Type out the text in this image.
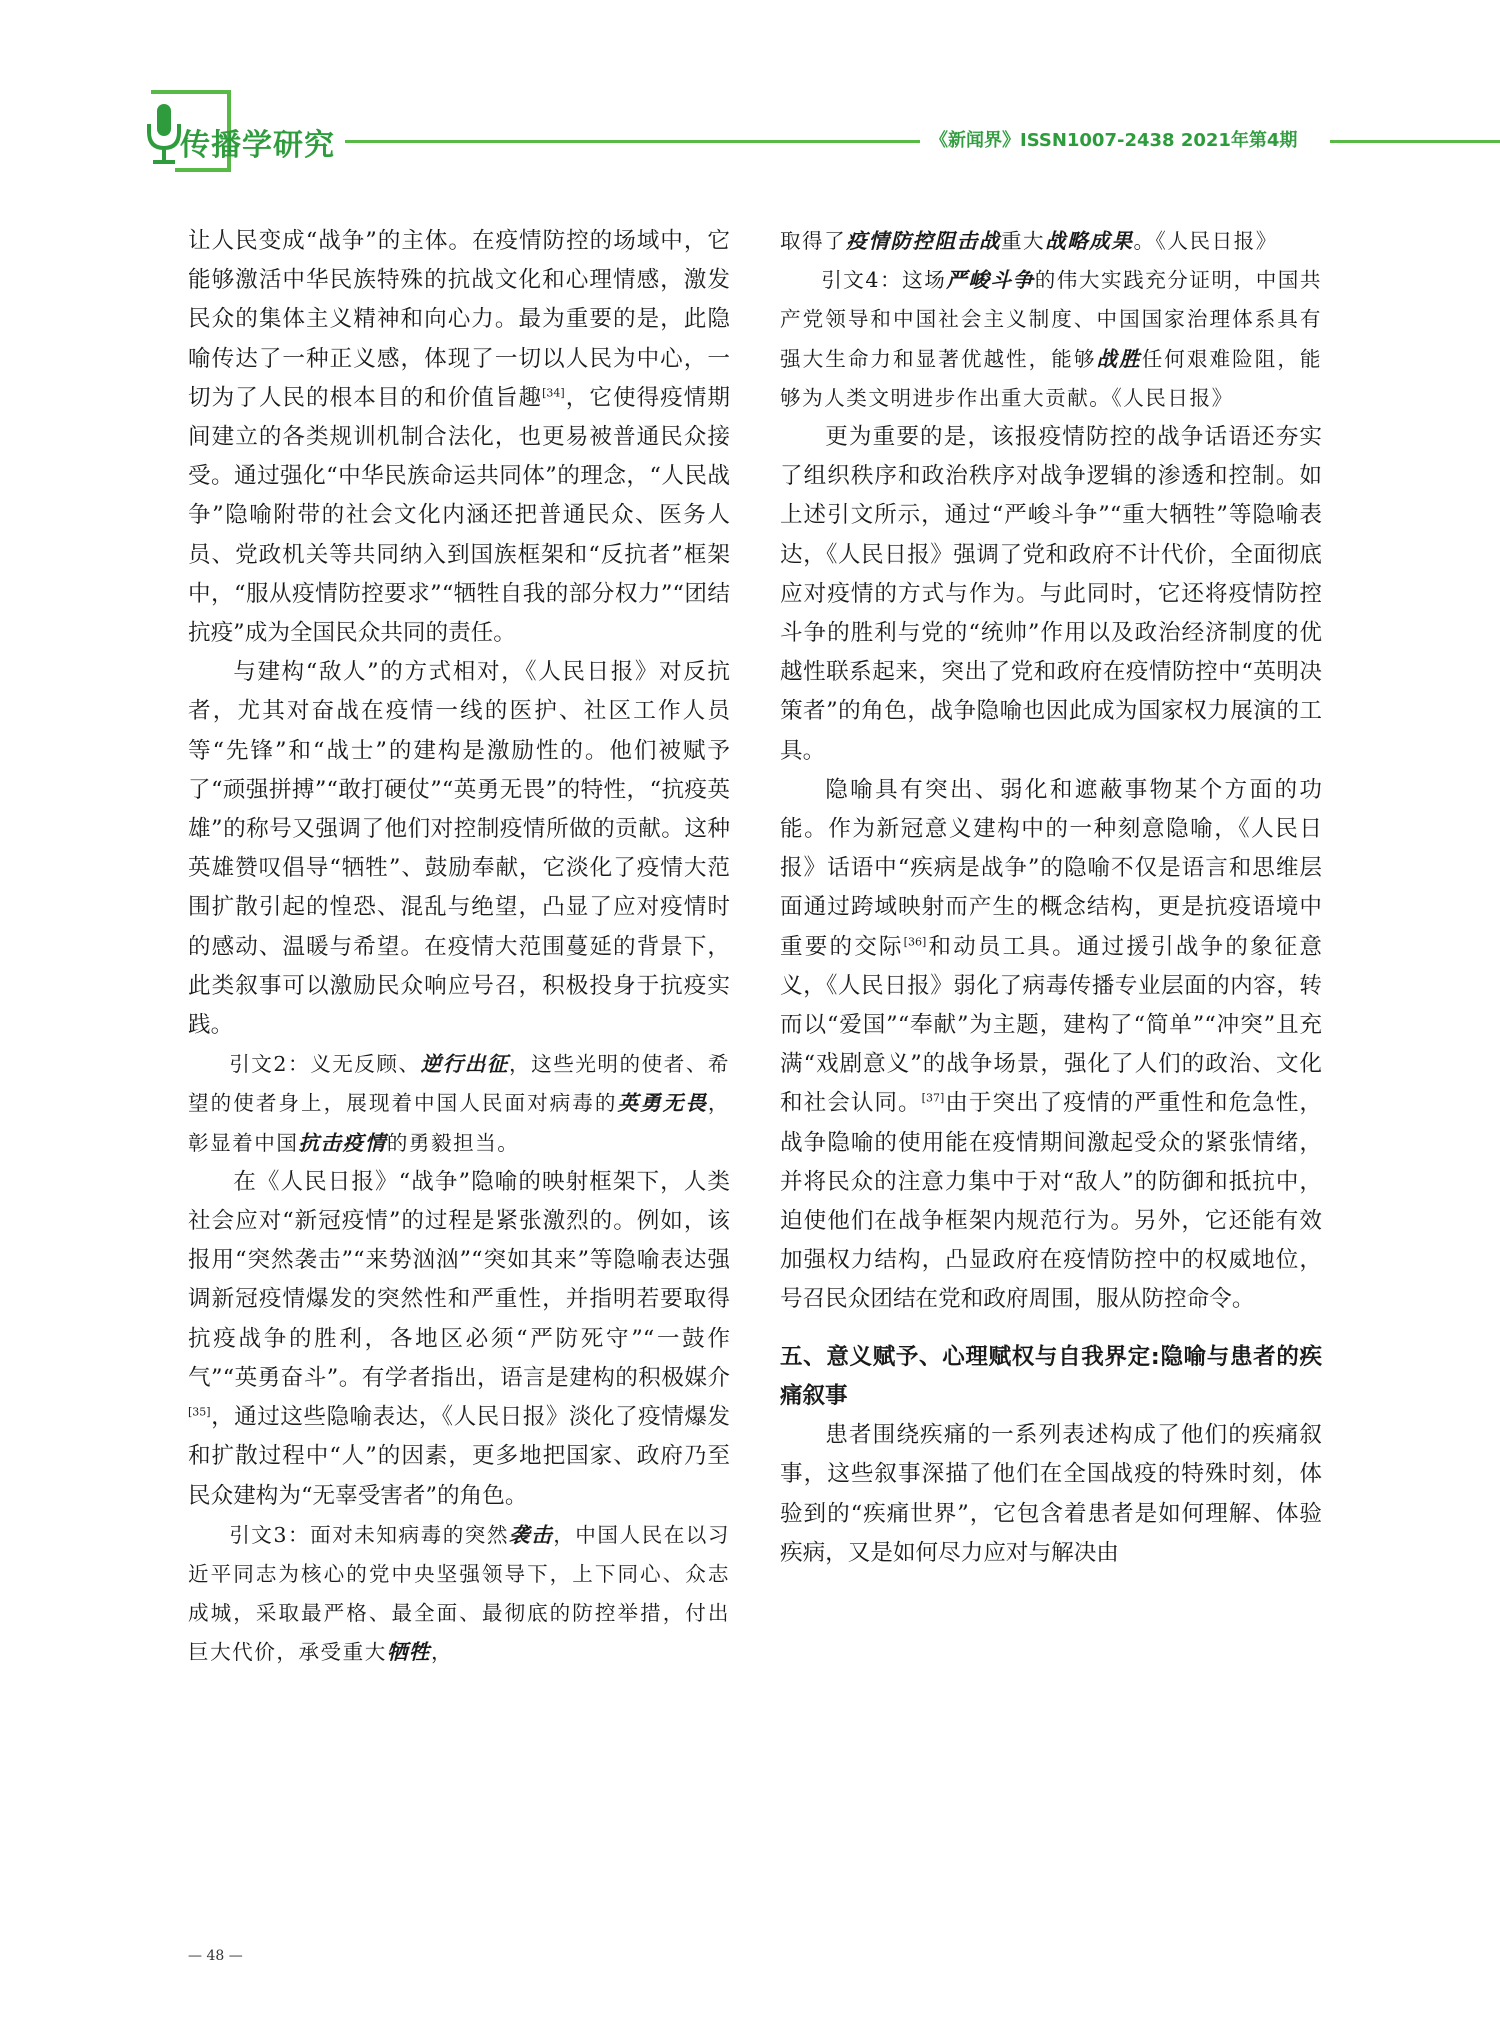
传播学研究	《新闻界》ISSN1007-2438 2021年第4期

让人民变成“战争”的主体。在疫情防控的场域中，它能够激活中华民族特殊的抗战文化和心理情感，激发民众的集体主义精神和向心力。最为重要的是，此隐喻传达了一种正义感，体现了一切以人民为中心，一切为了人民的根本目的和价值旨趣[34]，它使得疫情期间建立的各类规训机制合法化，也更易被普通民众接受。通过强化“中华民族命运共同体”的理念，“人民战争”隐喻附带的社会文化内涵还把普通民众、医务人员、党政机关等共同纳入到国族框架和“反抗者”框架中，“服从疫情防控要求”“牺牲自我的部分权力”“团结抗疫”成为全国民众共同的责任。

与建构“敌人”的方式相对，《人民日报》对反抗者，尤其对奋战在疫情一线的医护、社区工作人员等“先锋”和“战士”的建构是激励性的。他们被赋予了“顽强拼搏”“敢打硬仗”“英勇无畏”的特性，“抗疫英雄”的称号又强调了他们对控制疫情所做的贡献。这种英雄赞叹倡导“牺牲”、鼓励奉献，它淡化了疫情大范围扩散引起的惶恐、混乱与绝望，凸显了应对疫情时的感动、温暖与希望。在疫情大范围蔓延的背景下，此类叙事可以激励民众响应号召，积极投身于抗疫实践。

引文2：义无反顾、逆行出征，这些光明的使者、希望的使者身上，展现着中国人民面对病毒的英勇无畏，彰显着中国抗击疫情的勇毅担当。

在《人民日报》“战争”隐喻的映射框架下，人类社会应对“新冠疫情”的过程是紧张激烈的。例如，该报用“突然袭击”“来势汹汹”“突如其来”等隐喻表达强调新冠疫情爆发的突然性和严重性，并指明若要取得抗疫战争的胜利，各地区必须“严防死守”“一鼓作气”“英勇奋斗”。有学者指出，语言是建构的积极媒介[35]，通过这些隐喻表达，《人民日报》淡化了疫情爆发和扩散过程中“人”的因素，更多地把国家、政府乃至民众建构为“无辜受害者”的角色。

引文3：面对未知病毒的突然袭击，中国人民在以习近平同志为核心的党中央坚强领导下，上下同心、众志成城，采取最严格、最全面、最彻底的防控举措，付出巨大代价，承受重大牺牲，

取得了疫情防控阻击战重大战略成果。《人民日报》

引文4：这场严峻斗争的伟大实践充分证明，中国共产党领导和中国社会主义制度、中国国家治理体系具有强大生命力和显著优越性，能够战胜任何艰难险阻，能够为人类文明进步作出重大贡献。《人民日报》

更为重要的是，该报疫情防控的战争话语还夯实了组织秩序和政治秩序对战争逻辑的渗透和控制。如上述引文所示，通过“严峻斗争”“重大牺牲”等隐喻表达，《人民日报》强调了党和政府不计代价，全面彻底应对疫情的方式与作为。与此同时，它还将疫情防控斗争的胜利与党的“统帅”作用以及政治经济制度的优越性联系起来，突出了党和政府在疫情防控中“英明决策者”的角色，战争隐喻也因此成为国家权力展演的工具。

隐喻具有突出、弱化和遮蔽事物某个方面的功能。作为新冠意义建构中的一种刻意隐喻，《人民日报》话语中“疾病是战争”的隐喻不仅是语言和思维层面通过跨域映射而产生的概念结构，更是抗疫语境中重要的交际[36]和动员工具。通过援引战争的象征意义，《人民日报》弱化了病毒传播专业层面的内容，转而以“爱国”“奉献”为主题，建构了“简单”“冲突”且充满“戏剧意义”的战争场景，强化了人们的政治、文化和社会认同。[37]由于突出了疫情的严重性和危急性，战争隐喻的使用能在疫情期间激起受众的紧张情绪，并将民众的注意力集中于对“敌人”的防御和抵抗中，迫使他们在战争框架内规范行为。另外，它还能有效加强权力结构，凸显政府在疫情防控中的权威地位，号召民众团结在党和政府周围，服从防控命令。

五、意义赋予、心理赋权与自我界定:隐喻与患者的疾痛叙事

患者围绕疾痛的一系列表述构成了他们的疾痛叙事，这些叙事深描了他们在全国战疫的特殊时刻，体验到的“疾痛世界”，它包含着患者是如何理解、体验疾病，又是如何尽力应对与解决由

— 48 —
